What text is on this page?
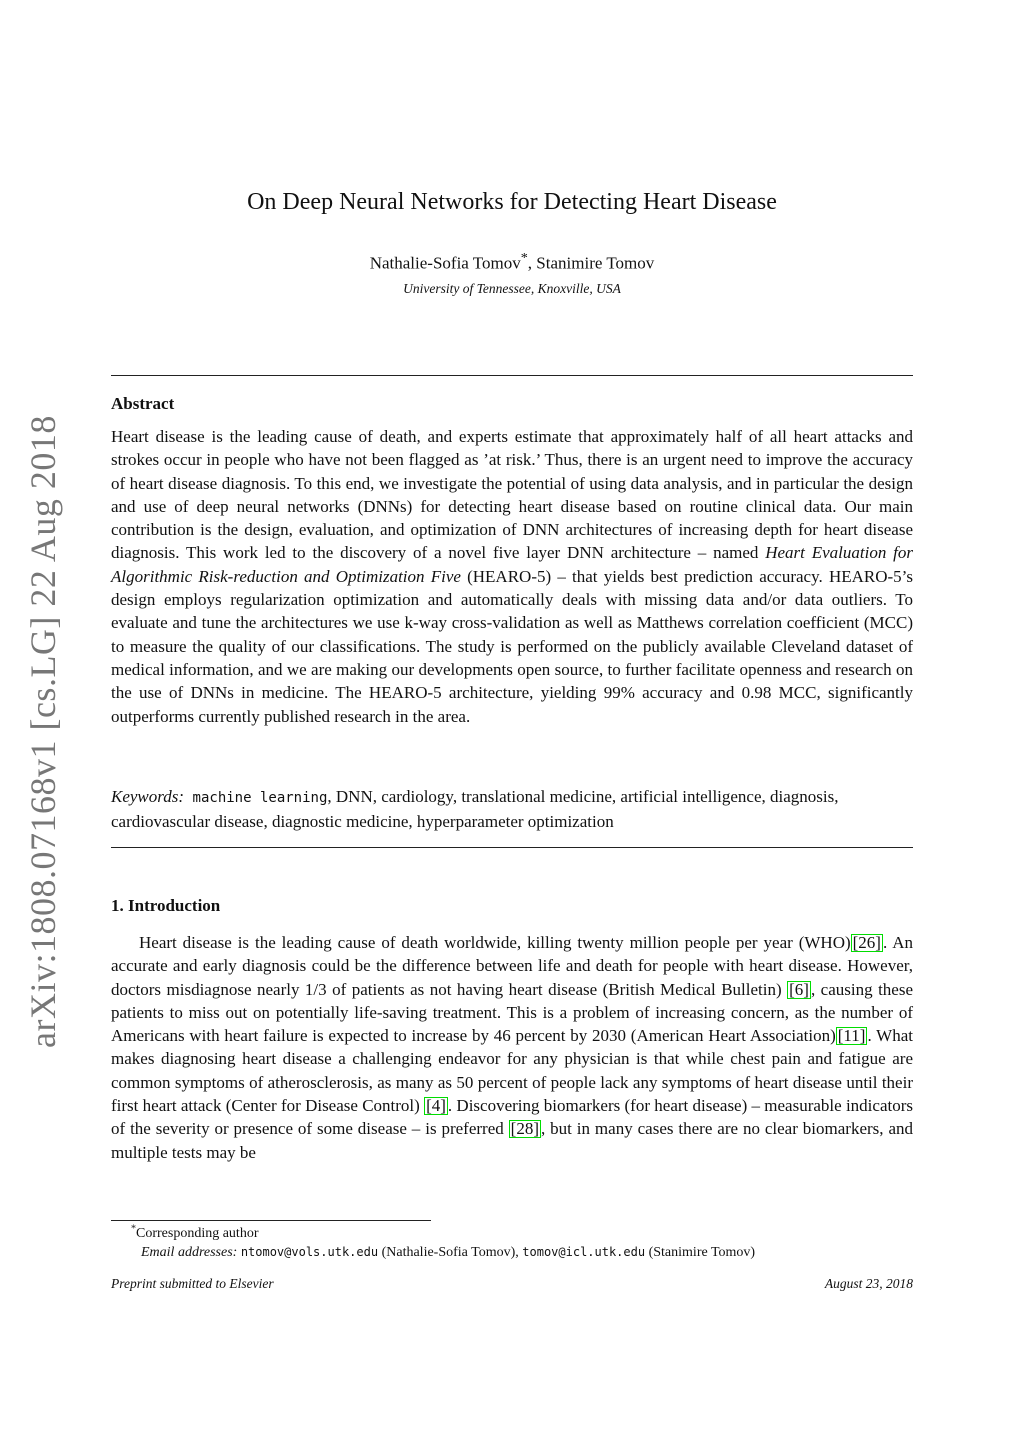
arXiv:1808.07168v1 [cs.LG] 22 Aug 2018
On Deep Neural Networks for Detecting Heart Disease
Nathalie-Sofia Tomov*, Stanimire Tomov
University of Tennessee, Knoxville, USA
Abstract
Heart disease is the leading cause of death, and experts estimate that approximately half of all heart attacks and strokes occur in people who have not been flagged as ’at risk.’ Thus, there is an urgent need to improve the accuracy of heart disease diagnosis. To this end, we investigate the potential of using data analysis, and in particular the design and use of deep neural networks (DNNs) for detecting heart disease based on routine clinical data. Our main contribution is the design, evaluation, and optimization of DNN architectures of increasing depth for heart disease diagnosis. This work led to the discovery of a novel five layer DNN architecture – named Heart Evaluation for Algorithmic Risk-reduction and Optimization Five (HEARO-5) – that yields best prediction accuracy. HEARO-5’s design employs regularization optimization and automatically deals with missing data and/or data outliers. To evaluate and tune the architectures we use k-way cross-validation as well as Matthews correlation coefficient (MCC) to measure the quality of our classifications. The study is performed on the publicly available Cleveland dataset of medical information, and we are making our developments open source, to further facilitate openness and research on the use of DNNs in medicine. The HEARO-5 architecture, yielding 99% accuracy and 0.98 MCC, significantly outperforms currently published research in the area.
Keywords: machine learning, DNN, cardiology, translational medicine, artificial intelligence, diagnosis, cardiovascular disease, diagnostic medicine, hyperparameter optimization
1. Introduction
Heart disease is the leading cause of death worldwide, killing twenty million people per year (WHO) [26] . An accurate and early diagnosis could be the difference between life and death for people with heart disease. However, doctors misdiagnose nearly 1/3 of patients as not having heart disease (British Medical Bulletin) [6] , causing these patients to miss out on potentially life-saving treatment. This is a problem of increasing concern, as the number of Americans with heart failure is expected to increase by 46 percent by 2030 (American Heart Association) [11] . What makes diagnosing heart disease a challenging endeavor for any physician is that while chest pain and fatigue are common symptoms of atherosclerosis, as many as 50 percent of people lack any symptoms of heart disease until their first heart attack (Center for Disease Control) [4] . Discovering biomarkers (for heart disease) – measurable indicators of the severity or presence of some disease – is preferred [28] , but in many cases there are no clear biomarkers, and multiple tests may be
*Corresponding author
Email addresses: ntomov@vols.utk.edu (Nathalie-Sofia Tomov), tomov@icl.utk.edu (Stanimire Tomov)
Preprint submitted to Elsevier	August 23, 2018
